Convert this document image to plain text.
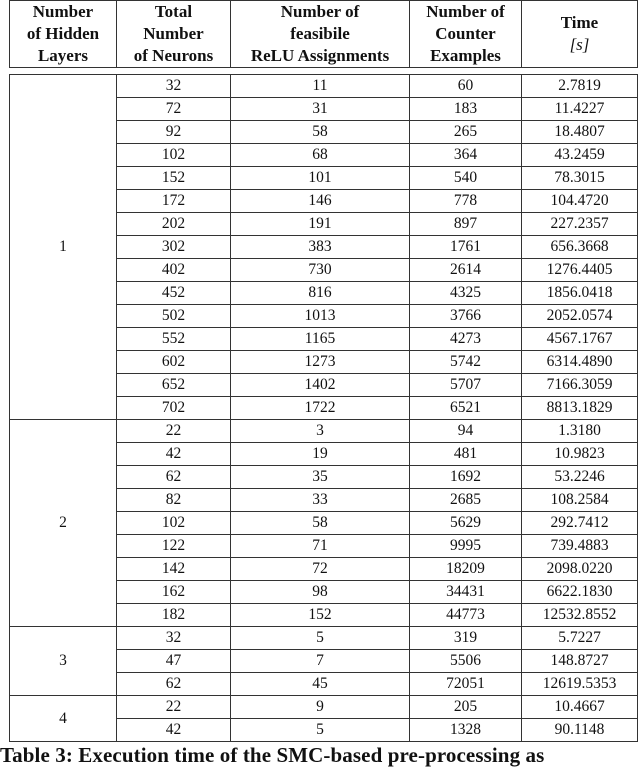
Number
of Hidden
Layers	Total
Number
of Neurons	Number of
feasibile
ReLU Assignments	Number of
Counter
Examples	Time
[s]
1	32	11	60	2.7819
	72	31	183	11.4227
	92	58	265	18.4807
	102	68	364	43.2459
	152	101	540	78.3015
	172	146	778	104.4720
	202	191	897	227.2357
	302	383	1761	656.3668
	402	730	2614	1276.4405
	452	816	4325	1856.0418
	502	1013	3766	2052.0574
	552	1165	4273	4567.1767
	602	1273	5742	6314.4890
	652	1402	5707	7166.3059
	702	1722	6521	8813.1829
2	22	3	94	1.3180
	42	19	481	10.9823
	62	35	1692	53.2246
	82	33	2685	108.2584
	102	58	5629	292.7412
	122	71	9995	739.4883
	142	72	18209	2098.0220
	162	98	34431	6622.1830
	182	152	44773	12532.8552
3	32	5	319	5.7227
	47	7	5506	148.8727
	62	45	72051	12619.5353
4	22	9	205	10.4667
	42	5	1328	90.1148
Table 3: Execution time of the SMC-based pre-processing as
